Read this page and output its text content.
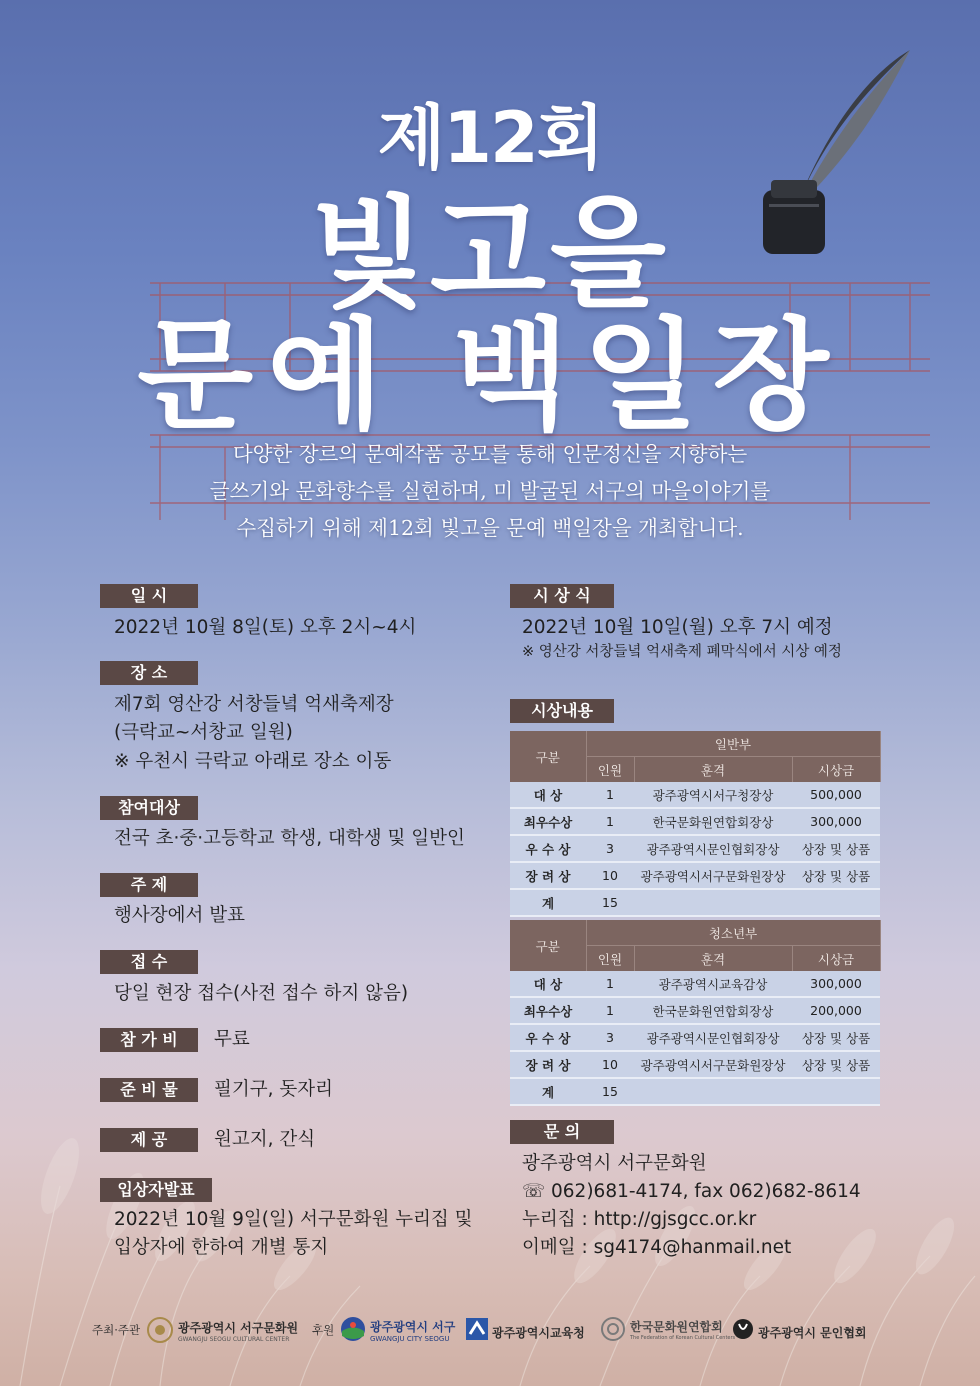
제12회
빛고을
문예 백일장
다양한 장르의 문예작품 공모를 통해 인문정신을 지향하는
글쓰기와 문화향수를 실현하며, 미 발굴된 서구의 마을이야기를
수집하기 위해 제12회 빛고을 문예 백일장을 개최합니다.
일 시
2022년 10월 8일(토) 오후 2시~4시
장 소
제7회 영산강 서창들녘 억새축제장
(극락교~서창교 일원)
※ 우천시 극락교 아래로 장소 이동
참여대상
전국 초·중·고등학교 학생, 대학생 및 일반인
주 제
행사장에서 발표
접 수
당일 현장 접수(사전 접수 하지 않음)
참 가 비	무료
준 비 물	필기구, 돗자리
제 공	원고지, 간식
입상자발표
2022년 10월 9일(일) 서구문화원 누리집 및
입상자에 한하여 개별 통지
시 상 식
2022년 10월 10일(월) 오후 7시 예정
※ 영산강 서창들녘 억새축제 폐막식에서 시상 예정
시상내용
구분	일반부		
	인원	훈격	시상금
대 상	1	광주광역시서구청장상	500,000
최우수상	1	한국문화원연합회장상	300,000
우 수 상	3	광주광역시문인협회장상	상장 및 상품
장 려 상	10	광주광역시서구문화원장상	상장 및 상품
계	15		
구분	청소년부		
	인원	훈격	시상금
대 상	1	광주광역시교육감상	300,000
최우수상	1	한국문화원연합회장상	200,000
우 수 상	3	광주광역시문인협회장상	상장 및 상품
장 려 상	10	광주광역시서구문화원장상	상장 및 상품
계	15		
문 의
광주광역시 서구문화원
☏ 062)681-4174, fax 062)682-8614
누리집 : http://gjsgcc.or.kr
이메일 : sg4174@hanmail.net
주최·주관	광주광역시 서구문화원
GWANGJU SEOGU CULTURAL CENTER
후원	광주광역시 서구
GWANGJU CITY SEOGU	광주광역시교육청	한국문화원연합회
The Federation of Korean Cultural Centers 광주광역시 문인협회
